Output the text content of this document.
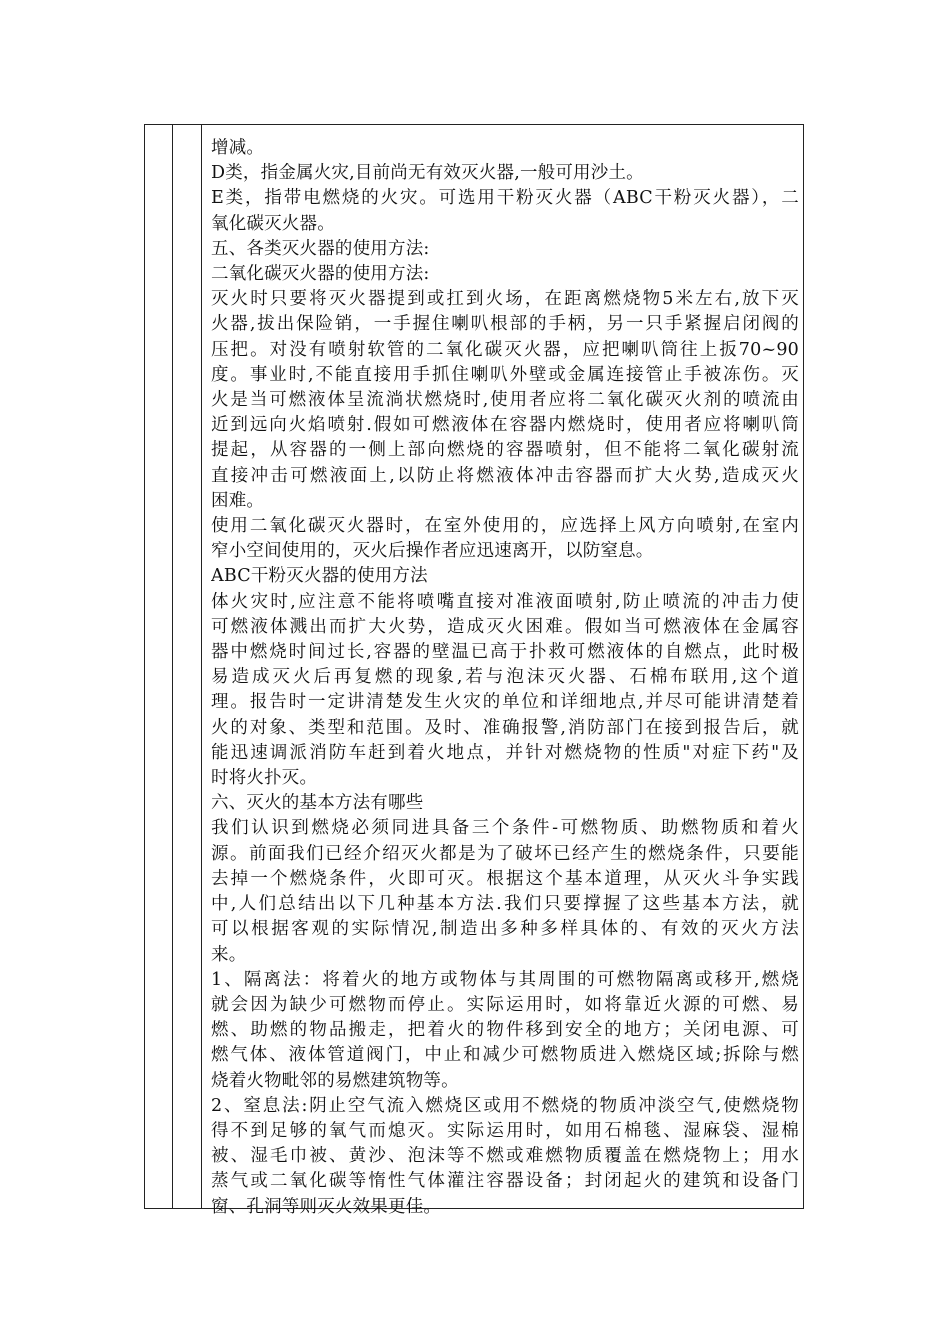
增减。
D类，指金属火灾,目前尚无有效灭火器,一般可用沙土。
E类，指带电燃烧的火灾。可选用干粉灭火器（ABC干粉灭火器），二
氧化碳灭火器。
五、各类灭火器的使用方法:
二氧化碳灭火器的使用方法:
灭火时只要将灭火器提到或扛到火场，在距离燃烧物5米左右,放下灭
火器,拔出保险销，一手握住喇叭根部的手柄，另一只手紧握启闭阀的
压把。对没有喷射软管的二氧化碳灭火器，应把喇叭筒往上扳70~90
度。事业时,不能直接用手抓住喇叭外壁或金属连接管止手被冻伤。灭
火是当可燃液体呈流淌状燃烧时,使用者应将二氧化碳灭火剂的喷流由
近到远向火焰喷射.假如可燃液体在容器内燃烧时，使用者应将喇叭筒
提起，从容器的一侧上部向燃烧的容器喷射，但不能将二氧化碳射流
直接冲击可燃液面上,以防止将燃液体冲击容器而扩大火势,造成灭火
困难。
使用二氧化碳灭火器时，在室外使用的，应选择上风方向喷射,在室内
窄小空间使用的，灭火后操作者应迅速离开，以防窒息。
ABC干粉灭火器的使用方法
体火灾时,应注意不能将喷嘴直接对准液面喷射,防止喷流的冲击力使
可燃液体溅出而扩大火势，造成灭火困难。假如当可燃液体在金属容
器中燃烧时间过长,容器的壁温已高于扑救可燃液体的自燃点，此时极
易造成灭火后再复燃的现象,若与泡沫灭火器、石棉布联用,这个道
理。报告时一定讲清楚发生火灾的单位和详细地点,并尽可能讲清楚着
火的对象、类型和范围。及时、准确报警,消防部门在接到报告后，就
能迅速调派消防车赶到着火地点，并针对燃烧物的性质"对症下药"及
时将火扑灭。
六、灭火的基本方法有哪些
我们认识到燃烧必须同进具备三个条件-可燃物质、助燃物质和着火
源。前面我们已经介绍灭火都是为了破坏已经产生的燃烧条件，只要能
去掉一个燃烧条件，火即可灭。根据这个基本道理，从灭火斗争实践
中,人们总结出以下几种基本方法.我们只要撑握了这些基本方法，就
可以根据客观的实际情况,制造出多种多样具体的、有效的灭火方法
来。
1、隔离法：将着火的地方或物体与其周围的可燃物隔离或移开,燃烧
就会因为缺少可燃物而停止。实际运用时，如将靠近火源的可燃、易
燃、助燃的物品搬走，把着火的物件移到安全的地方；关闭电源、可
燃气体、液体管道阀门，中止和减少可燃物质进入燃烧区域;拆除与燃
烧着火物毗邻的易燃建筑物等。
2、窒息法:阴止空气流入燃烧区或用不燃烧的物质冲淡空气,使燃烧物
得不到足够的氧气而熄灭。实际运用时，如用石棉毯、湿麻袋、湿棉
被、湿毛巾被、黄沙、泡沫等不燃或难燃物质覆盖在燃烧物上；用水
蒸气或二氧化碳等惰性气体灌注容器设备；封闭起火的建筑和设备门
窗、孔洞等则灭火效果更佳。
